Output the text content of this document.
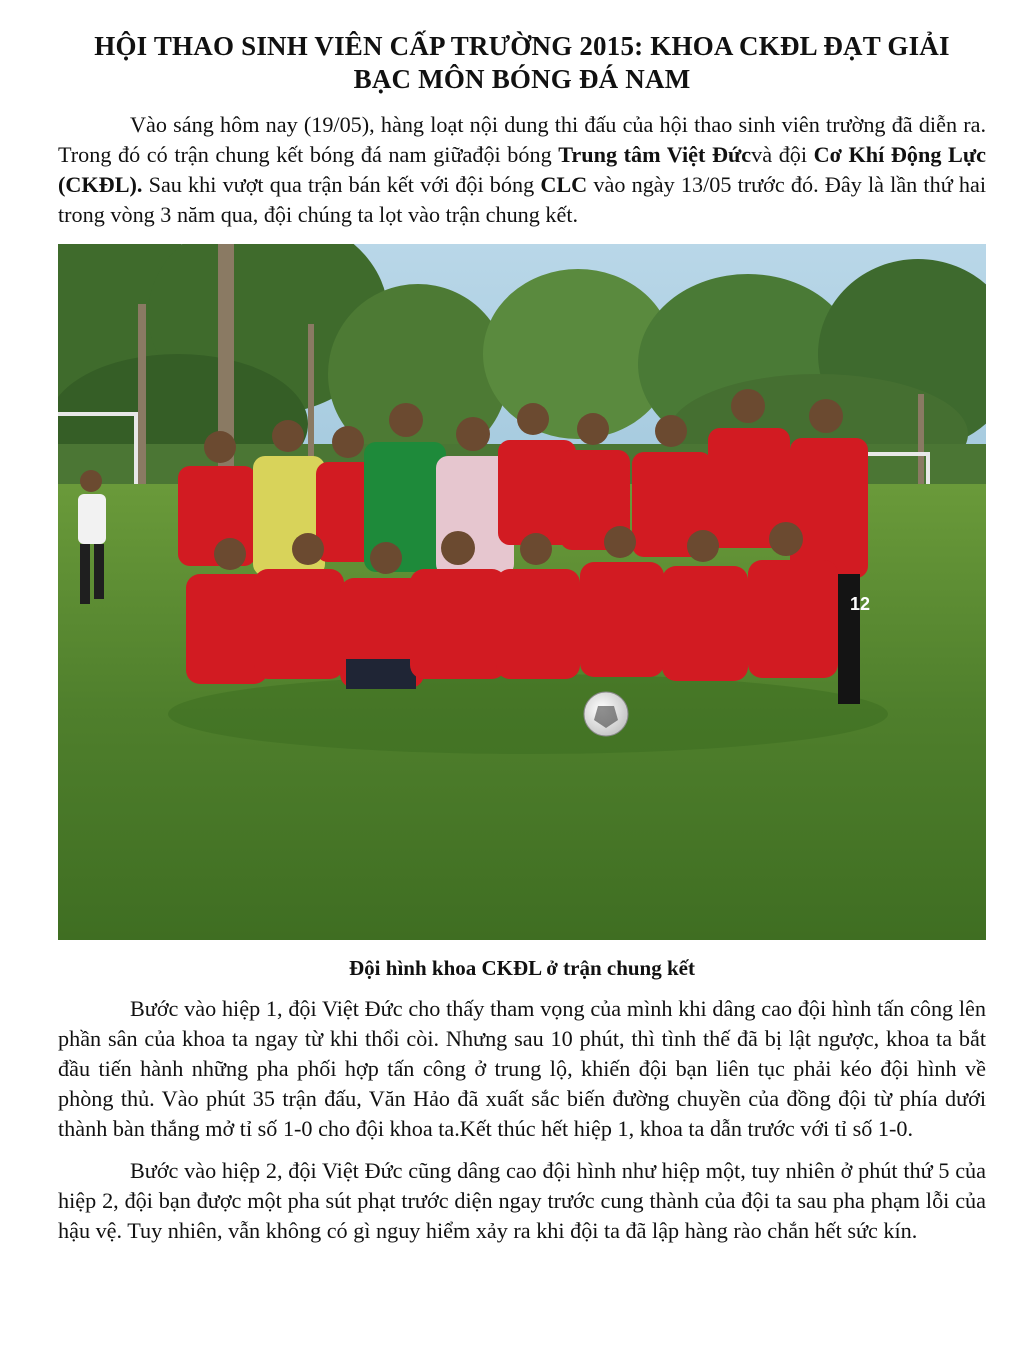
HỘI THAO SINH VIÊN CẤP TRƯỜNG 2015: KHOA CKĐL ĐẠT GIẢI
BẠC MÔN BÓNG ĐÁ NAM

Vào sáng hôm nay (19/05), hàng loạt nội dung thi đấu của hội thao sinh viên trường đã diễn ra. Trong đó có trận chung kết bóng đá nam giữađội bóng Trung tâm Việt Đứcvà đội Cơ Khí Động Lực (CKĐL). Sau khi vượt qua trận bán kết với đội bóng CLC vào ngày 13/05 trước đó. Đây là lần thứ hai trong vòng 3 năm qua, đội chúng ta lọt vào trận chung kết.

12

Đội hình khoa CKĐL ở trận chung kết

Bước vào hiệp 1, đội Việt Đức cho thấy tham vọng của mình khi dâng cao đội hình tấn công lên phần sân của khoa ta ngay từ khi thổi còi. Nhưng sau 10 phút, thì tình thế đã bị lật ngược, khoa ta bắt đầu tiến hành những pha phối hợp tấn công ở trung lộ, khiến đội bạn liên tục phải kéo đội hình về phòng thủ. Vào phút 35 trận đấu, Văn Hảo đã xuất sắc biến đường chuyền của đồng đội từ phía dưới thành bàn thắng mở tỉ số 1-0 cho đội khoa ta.Kết thúc hết hiệp 1, khoa ta dẫn trước với tỉ số 1-0.

Bước vào hiệp 2, đội Việt Đức cũng dâng cao đội hình như hiệp một, tuy nhiên ở phút thứ 5 của hiệp 2, đội bạn được một pha sút phạt trước diện ngay trước cung thành của đội ta sau pha phạm lỗi của hậu vệ. Tuy nhiên, vẫn không có gì nguy hiểm xảy ra khi đội ta đã lập hàng rào chắn hết sức kín.
